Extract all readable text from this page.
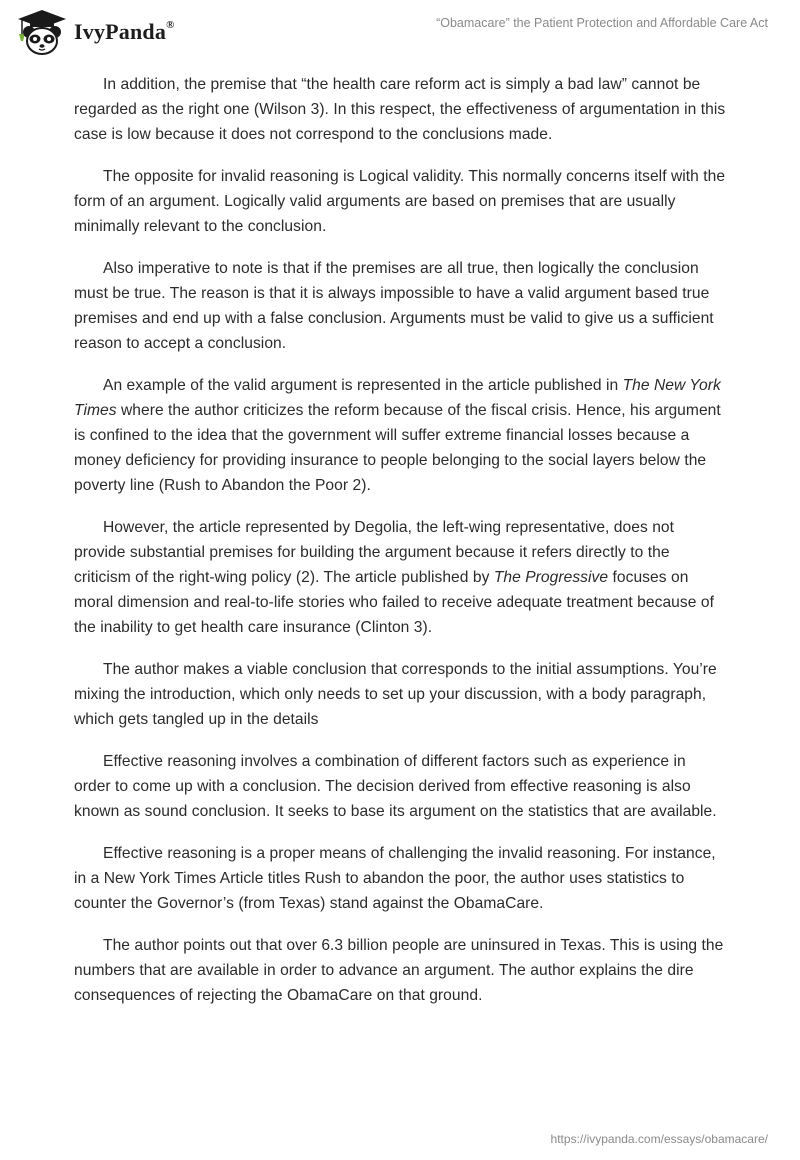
IvyPanda®	“Obamacare” the Patient Protection and Affordable Care Act

In addition, the premise that “the health care reform act is simply a bad law” cannot be regarded as the right one (Wilson 3). In this respect, the effectiveness of argumentation in this case is low because it does not correspond to the conclusions made.

The opposite for invalid reasoning is Logical validity. This normally concerns itself with the form of an argument. Logically valid arguments are based on premises that are usually minimally relevant to the conclusion.

Also imperative to note is that if the premises are all true, then logically the conclusion must be true. The reason is that it is always impossible to have a valid argument based true premises and end up with a false conclusion. Arguments must be valid to give us a sufficient reason to accept a conclusion.

An example of the valid argument is represented in the article published in The New York Times where the author criticizes the reform because of the fiscal crisis. Hence, his argument is confined to the idea that the government will suffer extreme financial losses because a money deficiency for providing insurance to people belonging to the social layers below the poverty line (Rush to Abandon the Poor 2).

However, the article represented by Degolia, the left-wing representative, does not provide substantial premises for building the argument because it refers directly to the criticism of the right-wing policy (2). The article published by The Progressive focuses on moral dimension and real-to-life stories who failed to receive adequate treatment because of the inability to get health care insurance (Clinton 3).

The author makes a viable conclusion that corresponds to the initial assumptions. You’re mixing the introduction, which only needs to set up your discussion, with a body paragraph, which gets tangled up in the details

Effective reasoning involves a combination of different factors such as experience in order to come up with a conclusion. The decision derived from effective reasoning is also known as sound conclusion. It seeks to base its argument on the statistics that are available.

Effective reasoning is a proper means of challenging the invalid reasoning. For instance, in a New York Times Article titles Rush to abandon the poor, the author uses statistics to counter the Governor’s (from Texas) stand against the ObamaCare.

The author points out that over 6.3 billion people are uninsured in Texas. This is using the numbers that are available in order to advance an argument. The author explains the dire consequences of rejecting the ObamaCare on that ground.

https://ivypanda.com/essays/obamacare/
